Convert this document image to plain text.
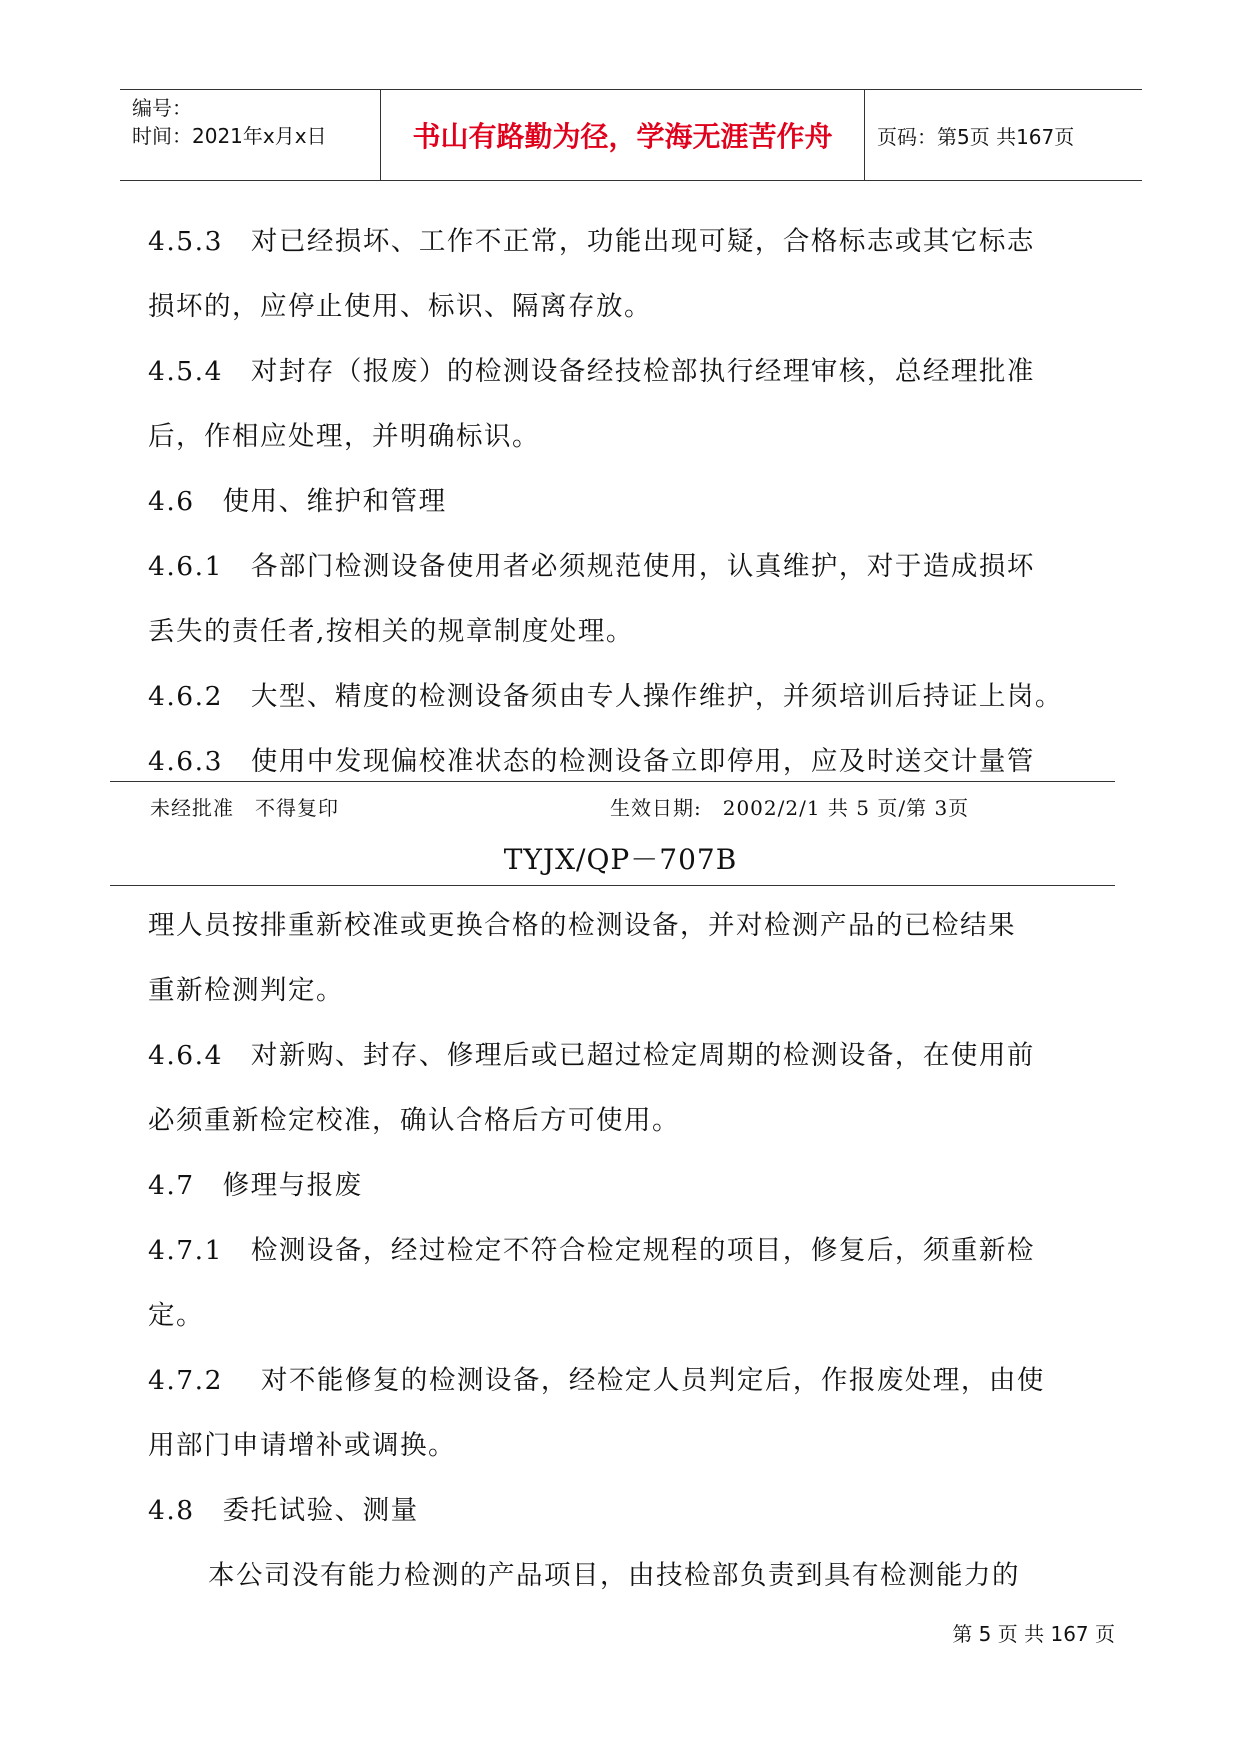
编号：
时间：2021年x月x日	书山有路勤为径，学海无涯苦作舟	页码：第5页 共167页

4.5.3　对已经损坏、工作不正常，功能出现可疑，合格标志或其它标志

损坏的，应停止使用、标识、隔离存放。

4.5.4　对封存（报废）的检测设备经技检部执行经理审核，总经理批准

后，作相应处理，并明确标识。

4.6　使用、维护和管理

4.6.1　各部门检测设备使用者必须规范使用，认真维护，对于造成损坏

丢失的责任者,按相关的规章制度处理。

4.6.2　大型、精度的检测设备须由专人操作维护，并须培训后持证上岗。

4.6.3　使用中发现偏校准状态的检测设备立即停用，应及时送交计量管

未经批准　不得复印	生效日期:　2002/2/1 共 5 页/第 3页
TYJX/QP－707B

理人员按排重新校准或更换合格的检测设备，并对检测产品的已检结果

重新检测判定。

4.6.4　对新购、封存、修理后或已超过检定周期的检测设备，在使用前

必须重新检定校准，确认合格后方可使用。

4.7　修理与报废

4.7.1　检测设备，经过检定不符合检定规程的项目，修复后，须重新检

定。

4.7.2　 对不能修复的检测设备，经检定人员判定后，作报废处理，由使

用部门申请增补或调换。

4.8　委托试验、测量

本公司没有能力检测的产品项目，由技检部负责到具有检测能力的

第 5 页 共 167 页
